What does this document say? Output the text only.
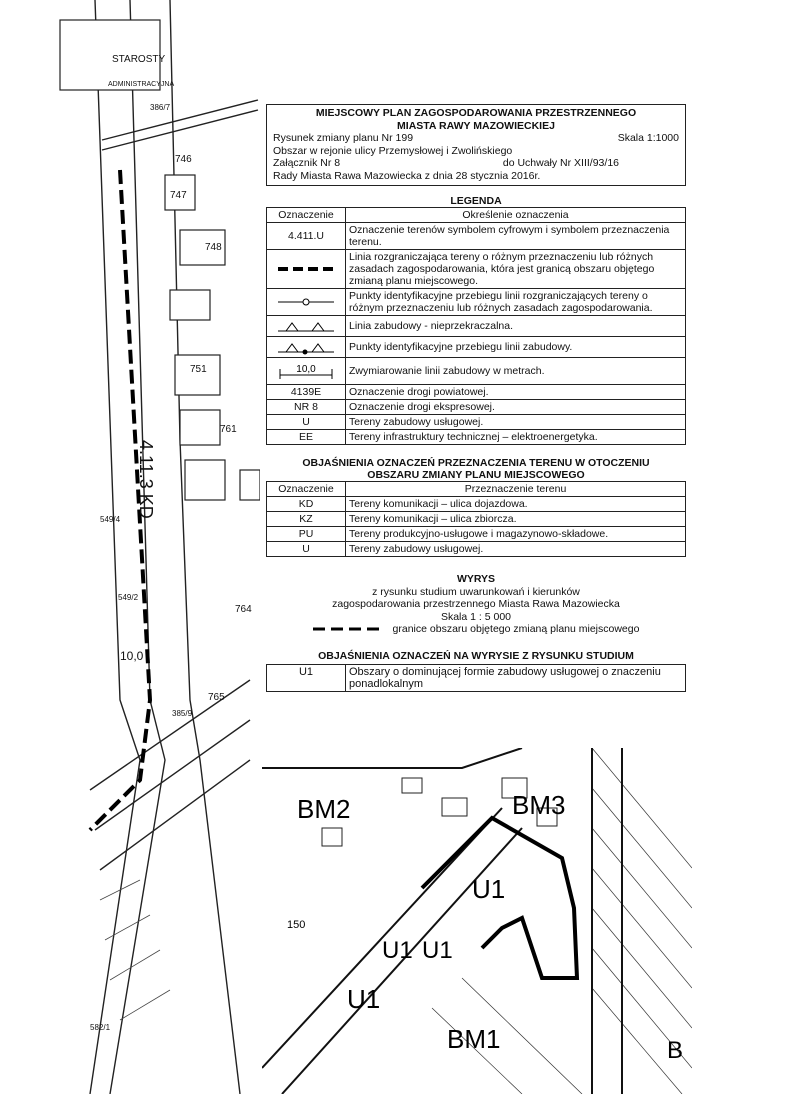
STAROSTY
ADMINISTRACYJNA
746
747
748
751
761
764
765
386/7
385/9
549/4
549/2
582/1
10,0
4.11.3 KD
MIEJSCOWY PLAN ZAGOSPODAROWANIA PRZESTRZENNEGO
MIASTA RAWY MAZOWIECKIEJ
Rysunek zmiany planu Nr 199	Skala 1:1000
Obszar w rejonie ulicy Przemysłowej i Zwolińskiego
Załącznik Nr 8	do Uchwały Nr XIII/93/16
Rady Miasta Rawa Mazowiecka z dnia 28 stycznia 2016r.
LEGENDA
Oznaczenie	Określenie oznaczenia
4.411.U	Oznaczenie terenów symbolem cyfrowym i symbolem przeznaczenia terenu.

	Linia rozgraniczająca tereny o różnym przeznaczeniu lub różnych zasadach zagospodarowania, która jest granicą obszaru objętego zmianą planu miejscowego.

	Punkty identyfikacyjne przebiegu linii rozgraniczających tereny o różnym przeznaczeniu lub różnych zasadach zagospodarowania.

	Linia zabudowy - nieprzekraczalna.

	Punkty identyfikacyjne przebiegu linii zabudowy.

10,0	Zwymiarowanie linii zabudowy w metrach.
4139E	Oznaczenie drogi powiatowej.
NR 8	Oznaczenie drogi ekspresowej.
U	Tereny zabudowy usługowej.
EE	Tereny infrastruktury technicznej – elektroenergetyka.
OBJAŚNIENIA OZNACZEŃ PRZEZNACZENIA TERENU W OTOCZENIU
OBSZARU ZMIANY PLANU MIEJSCOWEGO
Oznaczenie	Przeznaczenie terenu
KD	Tereny komunikacji – ulica dojazdowa.
KZ	Tereny komunikacji – ulica zbiorcza.
PU	Tereny produkcyjno-usługowe i magazynowo-składowe.
U	Tereny zabudowy usługowej.
WYRYS
z rysunku studium uwarunkowań i kierunków
zagospodarowania przestrzennego Miasta Rawa Mazowiecka
Skala 1 : 5 000
granice obszaru objętego zmianą planu miejscowego
OBJAŚNIENIA OZNACZEŃ NA WYRYSIE Z RYSUNKU STUDIUM
U1	Obszary o dominującej formie zabudowy usługowej o znaczeniu ponadlokalnym
BM2	BM3
U1
U1 U1
U1
BM1
150
B
